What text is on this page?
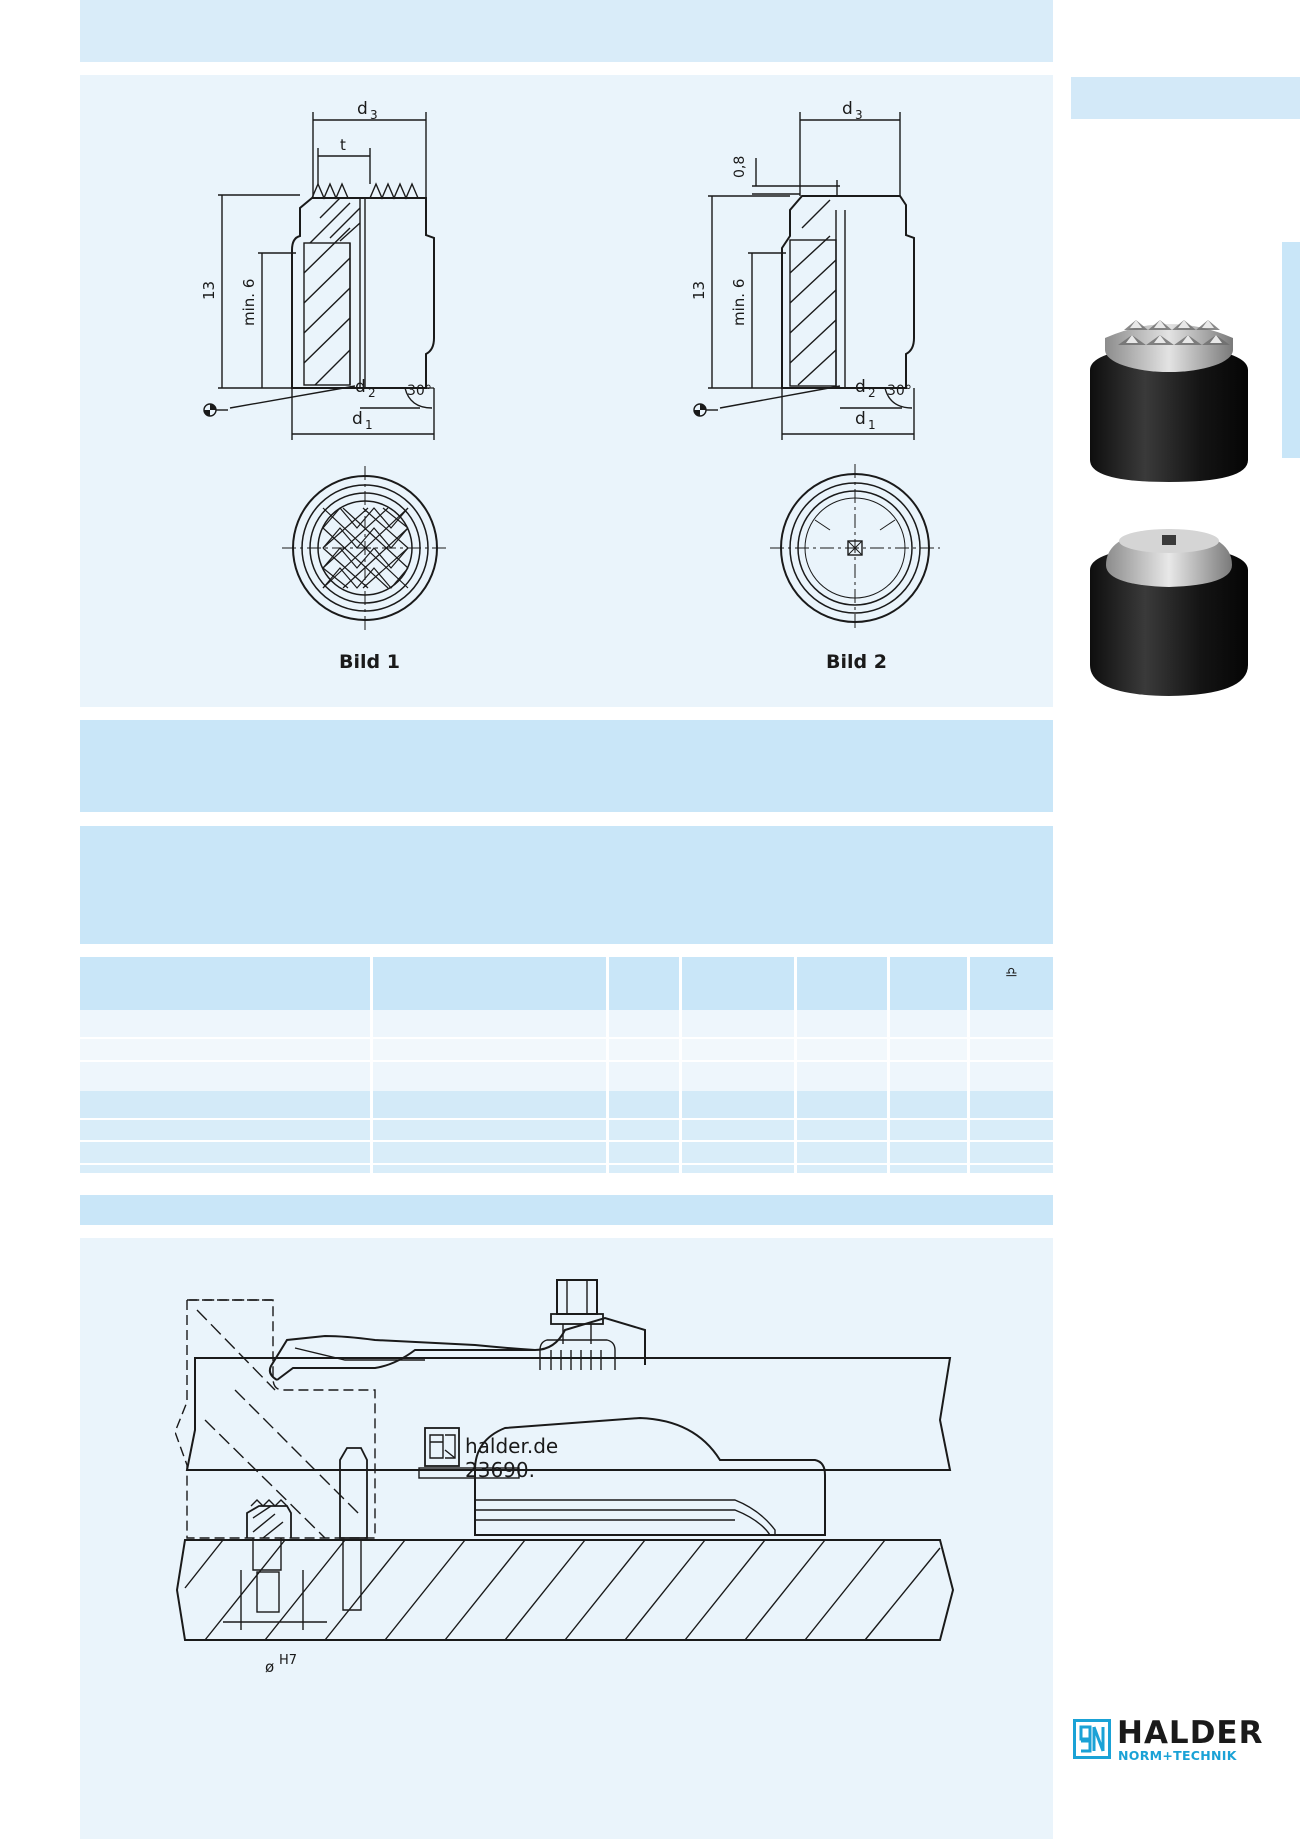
d 3
t
13 min. 6
d 2 30°
d 1
Bild 1
d 3
0,8
13 min. 6
d 2 30°
d 1
Bild 2

						♎

halder.de
23690.
ø H7
HALDER
NORM+TECHNIK
